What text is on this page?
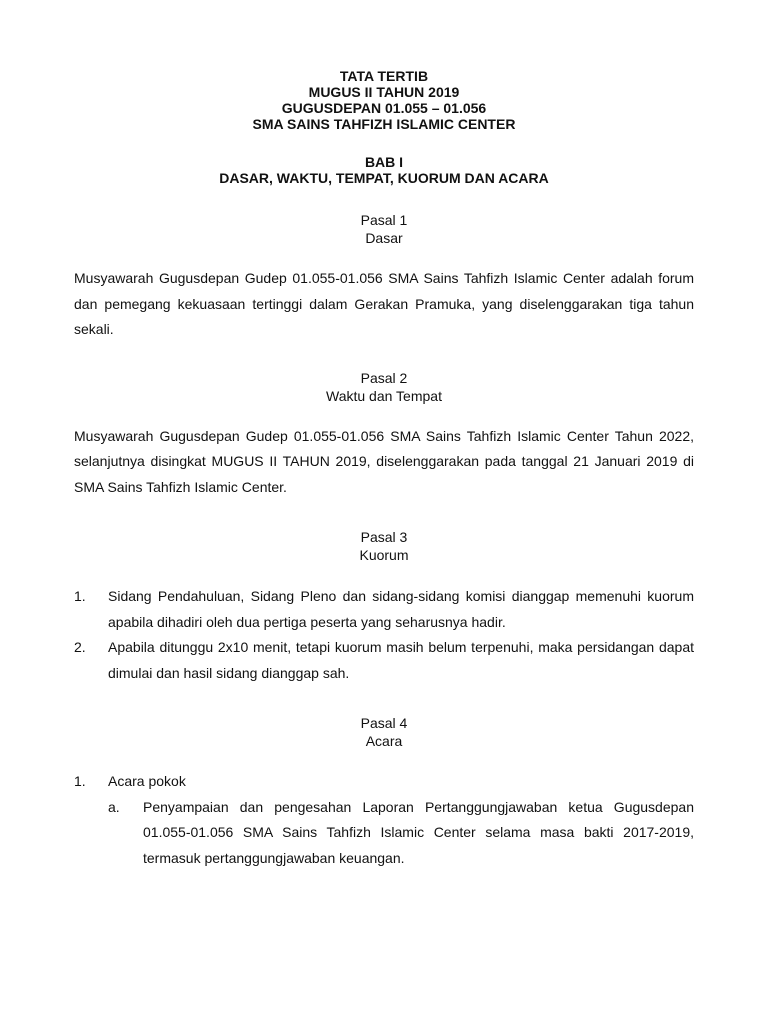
TATA TERTIB
MUGUS II TAHUN 2019
GUGUSDEPAN 01.055 – 01.056
SMA SAINS TAHFIZH ISLAMIC CENTER
BAB I
DASAR, WAKTU, TEMPAT, KUORUM DAN ACARA
Pasal 1
Dasar
Musyawarah Gugusdepan Gudep 01.055-01.056 SMA Sains Tahfizh Islamic Center adalah forum dan pemegang kekuasaan tertinggi dalam Gerakan Pramuka, yang diselenggarakan tiga tahun sekali.
Pasal 2
Waktu dan Tempat
Musyawarah Gugusdepan Gudep 01.055-01.056 SMA Sains Tahfizh Islamic Center Tahun 2022, selanjutnya disingkat MUGUS II TAHUN 2019, diselenggarakan pada tanggal 21 Januari 2019 di SMA Sains Tahfizh Islamic Center.
Pasal 3
Kuorum
1.	Sidang Pendahuluan, Sidang Pleno dan sidang-sidang komisi dianggap memenuhi kuorum apabila dihadiri oleh dua pertiga peserta yang seharusnya hadir.
2.	Apabila ditunggu 2x10 menit, tetapi kuorum masih belum terpenuhi, maka persidangan dapat dimulai dan hasil sidang dianggap sah.
Pasal 4
Acara
1.	Acara pokok
a.	Penyampaian dan pengesahan Laporan Pertanggungjawaban ketua Gugusdepan 01.055-01.056 SMA Sains Tahfizh Islamic Center selama masa bakti 2017-2019, termasuk pertanggungjawaban keuangan.
